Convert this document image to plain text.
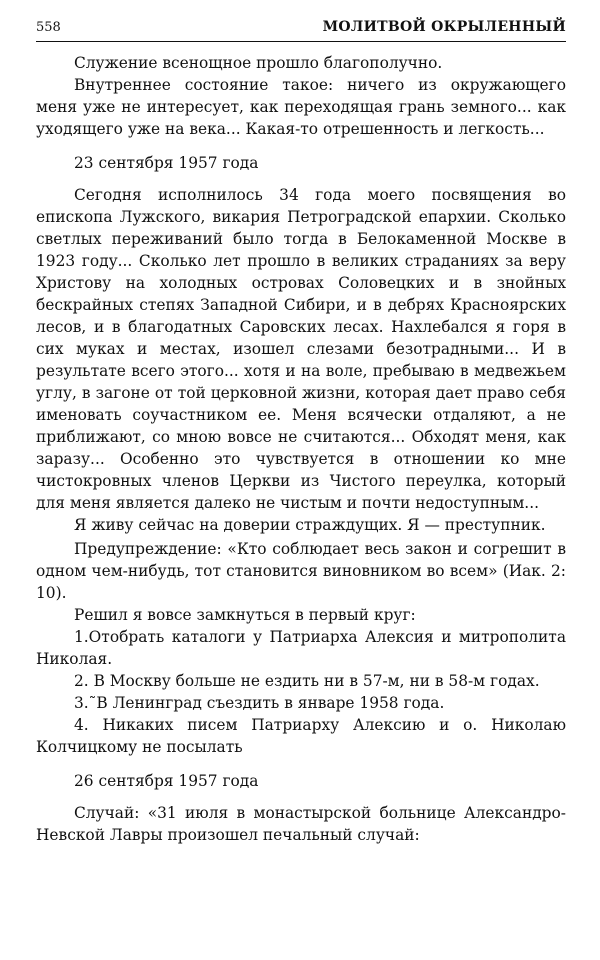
558	МОЛИТВОЙ ОКРЫЛЕННЫЙ

Служение всенощное прошло благополучно.

Внутреннее состояние такое: ничего из окружающего меня уже не интересует, как переходящая грань земного... как уходящего уже на века... Какая-то отрешенность и легкость...

23 сентября 1957 года

Сегодня исполнилось 34 года моего посвящения во епископа Лужского, викария Петроградской епархии. Сколько светлых переживаний было тогда в Белокаменной Москве в 1923 году... Сколько лет прошло в великих страданиях за веру Христову на холодных островах Соловецких и в знойных бескрайных степях Западной Сибири, и в дебрях Красноярских лесов, и в благодатных Саровских лесах. Нахлебался я горя в сих муках и местах, изошел слезами безотрадными... И в результате всего этого... хотя и на воле, пребываю в медвежьем углу, в загоне от той церковной жизни, которая дает право себя именовать соучастником ее. Меня всячески отдаляют, а не приближают, со мною вовсе не считаются... Обходят меня, как заразу... Особенно это чувствуется в отношении ко мне чистокровных членов Церкви из Чистого переулка, который для меня является далеко не чистым и почти недоступным...

Я живу сейчас на доверии страждущих. Я — преступник.

Предупреждение: «Кто соблюдает весь закон и согрешит в одном чем-нибудь, тот становится виновником во всем» (Иак. 2: 10).

Решил я вовсе замкнуться в первый круг:

1.Отобрать каталоги у Патриарха Алексия и митрополита Николая.

2. В Москву больше не ездить ни в 57-м, ни в 58-м годах.

3.˜В Ленинград съездить в январе 1958 года.

4. Никаких писем Патриарху Алексию и о. Николаю Колчицкому не посылать

26 сентября 1957 года

Случай: «31 июля в монастырской больнице Александро-Невской Лавры произошел печальный случай:
